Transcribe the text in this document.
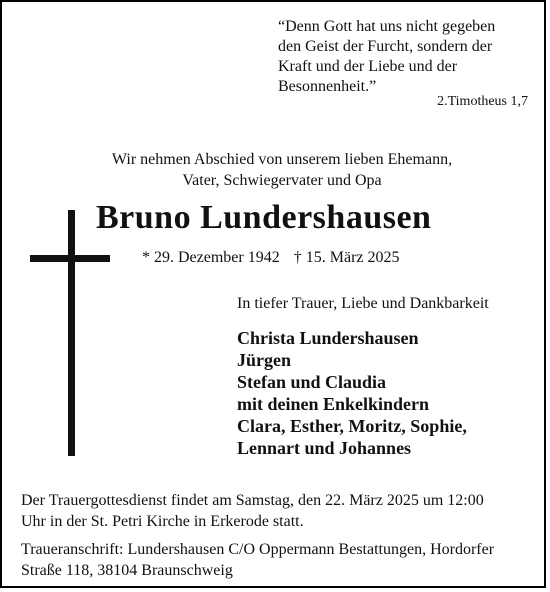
“Denn Gott hat uns nicht gegeben
den Geist der Furcht, sondern der
Kraft und der Liebe und der
Besonnenheit.”
2.Timotheus 1,7
Wir nehmen Abschied von unserem lieben Ehemann,
Vater, Schwiegervater und Opa
Bruno Lundershausen
* 29. Dezember 1942 † 15. März 2025
In tiefer Trauer, Liebe und Dankbarkeit
Christa Lundershausen
Jürgen
Stefan und Claudia
mit deinen Enkelkindern
Clara, Esther, Moritz, Sophie,
Lennart und Johannes
Der Trauergottesdienst findet am Samstag, den 22. März 2025 um 12:00
Uhr in der St. Petri Kirche in Erkerode statt.
Traueranschrift: Lundershausen C/O Oppermann Bestattungen, Hordorfer
Straße 118, 38104 Braunschweig
